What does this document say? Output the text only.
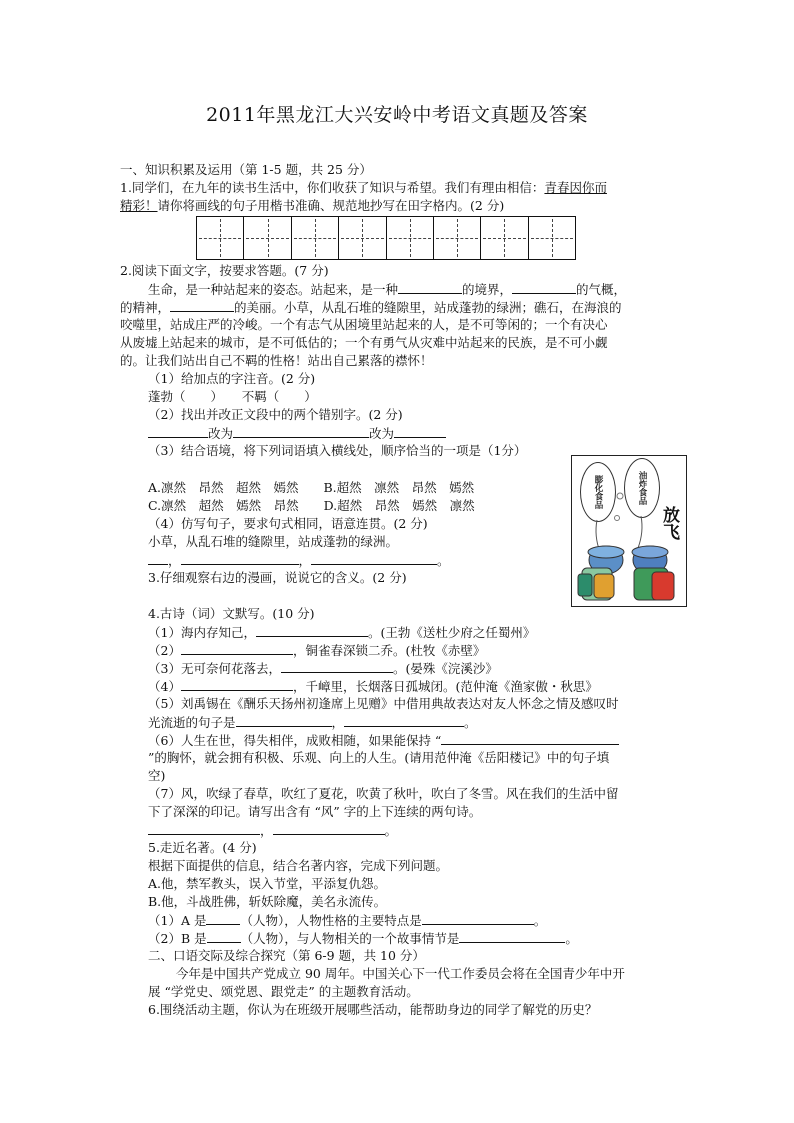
2011年黑龙江大兴安岭中考语文真题及答案
一、知识积累及运用（第 1-5 题，共 25 分）
1.同学们，在九年的读书生活中，你们收获了知识与希望。我们有理由相信：青春因你而
精彩！请你将画线的句子用楷书准确、规范地抄写在田字格内。(2 分)
2.阅读下面文字，按要求答题。(7 分)
生命，是一种站起来的姿态。站起来，是一种	的境界，	的气概，
的精神，	的美丽。小草，从乱石堆的缝隙里，站成蓬勃的绿洲；礁石，在海浪的
咬噬里，站成庄严的冷峻。一个有志气从困境里站起来的人，是不可等闲的；一个有决心
从废墟上站起来的城市，是不可低估的；一个有勇气从灾难中站起来的民族，是不可小觑
的。让我们站出自己不羁的性格！站出自己累落的襟怀！
（1）给加点的字注音。(2 分)
蓬勃（　　）　　不羁（　　）
（2）找出并改正文段中的两个错别字。(2 分)
改为	改为
（3）结合语境，将下列词语填入横线处，顺序恰当的一项是（1分）
A.凛然　昂然　超然　嫣然　　B.超然　凛然　昂然　嫣然
C.凛然　超然　嫣然　昂然　　D.超然　昂然　嫣然　凛然
（4）仿写句子，要求句式相同，语意连贯。(2 分)
小草，从乱石堆的缝隙里，站成蓬勃的绿洲。
，	，	。
膨化食品	油炸食品
放飞
3.仔细观察右边的漫画，说说它的含义。(2 分)
4.古诗（词）文默写。(10 分)
（1）海内存知己，	。(王勃《送杜少府之任蜀州》
（2）	，铜雀春深锁二乔。(杜牧《赤壁》
（3）无可奈何花落去，	。(晏殊《浣溪沙》
（4）	，千嶂里，长烟落日孤城闭。(范仲淹《渔家傲・秋思》
（5）刘禹锡在《酬乐天扬州初逢席上见赠》中借用典故表达对友人怀念之情及感叹时
光流逝的句子是	，	。
（6）人生在世，得失相伴，成败相随，如果能保持 “
”的胸怀，就会拥有积极、乐观、向上的人生。(请用范仲淹《岳阳楼记》中的句子填
空)
（7）风，吹绿了春草，吹红了夏花，吹黄了秋叶，吹白了冬雪。风在我们的生活中留
下了深深的印记。请写出含有 “风” 字的上下连续的两句诗。
，	。
5.走近名著。(4 分)
根据下面提供的信息，结合名著内容，完成下列问题。
A.他，禁军教头，误入节堂，平添复仇怨。
B.他，斗战胜佛，斩妖除魔，美名永流传。
（1）A 是	（人物），人物性格的主要特点是	。
（2）B 是	（人物），与人物相关的一个故事情节是	。
二、口语交际及综合探究（第 6-9 题，共 10 分）
今年是中国共产党成立 90 周年。中国关心下一代工作委员会将在全国青少年中开
展 “学党史、颂党恩、跟党走” 的主题教育活动。
6.围绕活动主题，你认为在班级开展哪些活动，能帮助身边的同学了解党的历史？
